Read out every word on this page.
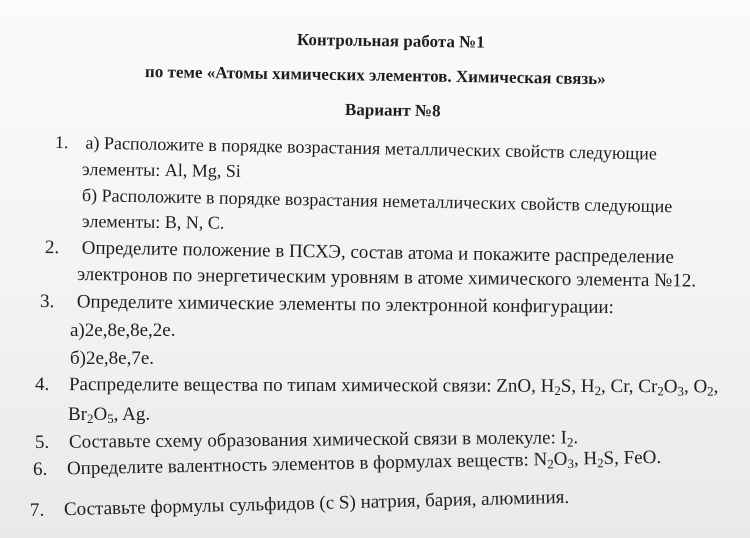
Контрольная работа №1
по теме «Атомы химических элементов. Химическая связь»
Вариант №8
1. а) Расположите в порядке возрастания металлических свойств следующие
элементы: Al, Mg, Si
б) Расположите в порядке возрастания неметаллических свойств следующие
элементы: B, N, C.
2. Определите положение в ПСХЭ, состав атома и покажите распределение
электронов по энергетическим уровням в атоме химического элемента №12.
3. Определите химические элементы по электронной конфигурации:
а)2е,8е,8е,2е.
б)2е,8е,7е.
4. Распределите вещества по типам химической связи: ZnO, $H_2S$, $H_2$, Cr, $Cr_2O_3$, $O_2$,
$Br_2O_5$, Ag.
5. Составьте схему образования химической связи в молекуле: $I_2$.
6. Определите валентность элементов в формулах веществ: $N_2O_3$, $H_2S$, FeO.
7. Составьте формулы сульфидов (с S) натрия, бария, алюминия.
